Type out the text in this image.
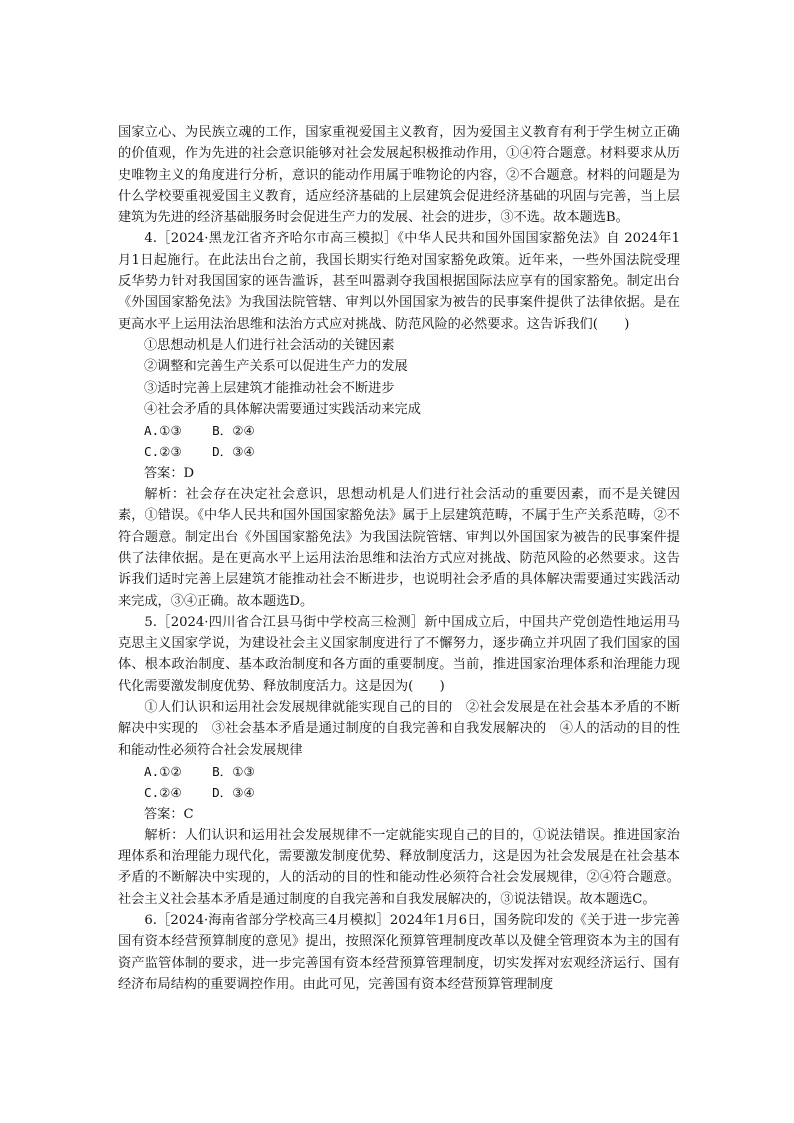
国家立心、为民族立魂的工作，国家重视爱国主义教育，因为爱国主义教育有利于学生树立正确的价值观，作为先进的社会意识能够对社会发展起积极推动作用，①④符合题意。材料要求从历史唯物主义的角度进行分析，意识的能动作用属于唯物论的内容，②不合题意。材料的问题是为什么学校要重视爱国主义教育，适应经济基础的上层建筑会促进经济基础的巩固与完善，当上层建筑为先进的经济基础服务时会促进生产力的发展、社会的进步，③不选。故本题选B。

4.［2024·黑龙江省齐齐哈尔市高三模拟］《中华人民共和国外国国家豁免法》自 2024年1月1日起施行。在此法出台之前，我国长期实行绝对国家豁免政策。近年来，一些外国法院受理反华势力针对我国国家的诬告滥诉，甚至叫嚣剥夺我国根据国际法应享有的国家豁免。制定出台《外国国家豁免法》为我国法院管辖、审判以外国国家为被告的民事案件提供了法律依据。是在更高水平上运用法治思维和法治方式应对挑战、防范风险的必然要求。这告诉我们(　　)

①思想动机是人们进行社会活动的关键因素

②调整和完善生产关系可以促进生产力的发展

③适时完善上层建筑才能推动社会不断进步

④社会矛盾的具体解决需要通过实践活动来完成

A.①③    B．②④

C.②③    D．③④

答案：D

解析：社会存在决定社会意识，思想动机是人们进行社会活动的重要因素，而不是关键因素，①错误。《中华人民共和国外国国家豁免法》属于上层建筑范畴，不属于生产关系范畴，②不符合题意。制定出台《外国国家豁免法》为我国法院管辖、审判以外国国家为被告的民事案件提供了法律依据。是在更高水平上运用法治思维和法治方式应对挑战、防范风险的必然要求。这告诉我们适时完善上层建筑才能推动社会不断进步，也说明社会矛盾的具体解决需要通过实践活动来完成，③④正确。故本题选D。

5.［2024·四川省合江县马街中学校高三检测］新中国成立后，中国共产党创造性地运用马克思主义国家学说，为建设社会主义国家制度进行了不懈努力，逐步确立并巩固了我们国家的国体、根本政治制度、基本政治制度和各方面的重要制度。当前，推进国家治理体系和治理能力现代化需要激发制度优势、释放制度活力。这是因为(　　)

①人们认识和运用社会发展规律就能实现自己的目的　②社会发展是在社会基本矛盾的不断解决中实现的　③社会基本矛盾是通过制度的自我完善和自我发展解决的　④人的活动的目的性和能动性必须符合社会发展规律

A.①②    B．①③

C.②④    D．③④

答案：C

解析：人们认识和运用社会发展规律不一定就能实现自己的目的，①说法错误。推进国家治理体系和治理能力现代化，需要激发制度优势、释放制度活力，这是因为社会发展是在社会基本矛盾的不断解决中实现的，人的活动的目的性和能动性必须符合社会发展规律，②④符合题意。社会主义社会基本矛盾是通过制度的自我完善和自我发展解决的，③说法错误。故本题选C。

6.［2024·海南省部分学校高三4月模拟］2024年1月6日，国务院印发的《关于进一步完善国有资本经营预算制度的意见》提出，按照深化预算管理制度改革以及健全管理资本为主的国有资产监管体制的要求，进一步完善国有资本经营预算管理制度，切实发挥对宏观经济运行、国有经济布局结构的重要调控作用。由此可见，完善国有资本经营预算管理制度
